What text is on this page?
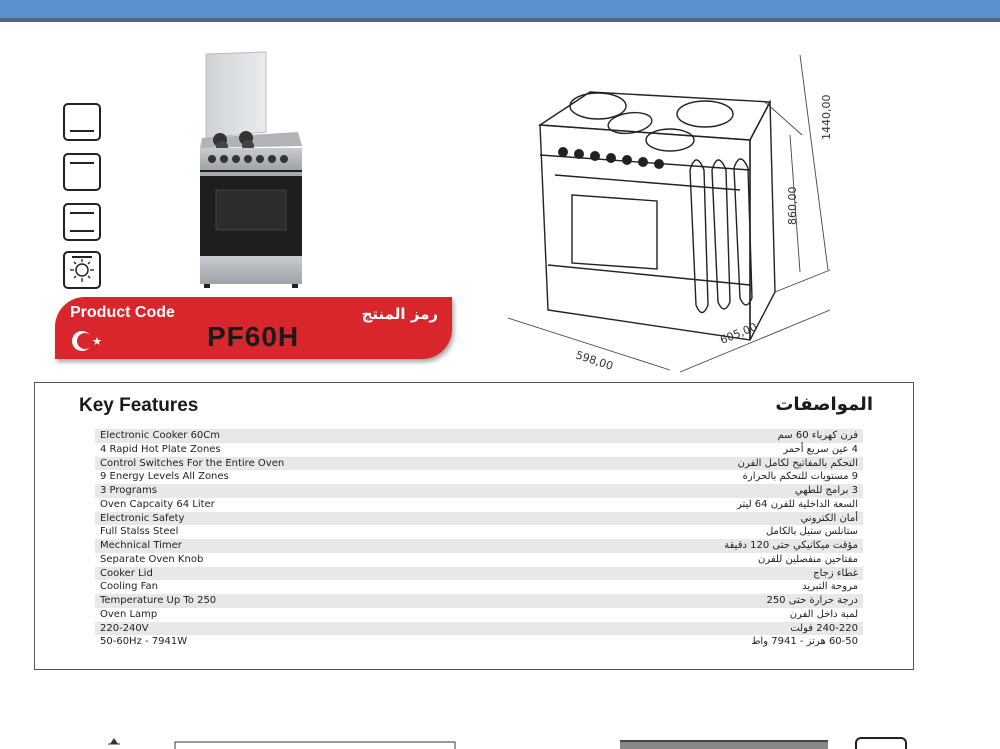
Product Code
PF60H
رمز المنتج
598,00
605,00
860,00
1440,00
Key Features	المواصفات
Electronic Cooker 60Cm	فرن كهرباء 60 سم
4 Rapid Hot Plate Zones	4 عين سريع أحمر
Control Switches For the Entire Oven	التحكم بالمفاتيح لكامل الفرن
9 Energy Levels All Zones	9 مستويات للتحكم بالحرارة
3 Programs	3 برامج للطهي
Oven Capcaity 64 Liter	السعة الداخلية للفرن 64 ليتر
Electronic Safety	أمان الكتروني
Full Stalss Steel	ستانلس ستيل بالكامل
Mechnical Timer	مؤقت ميكانيكي حتى 120 دقيقة
Separate Oven Knob	مفتاحين منفصلين للفرن
Cooker Lid	غطاء زجاج
Cooling Fan	مروحة التبريد
Temperature Up To 250	درجة حرارة حتى 250
Oven Lamp	لمبة داخل الفرن
220-240V	240-220 فولت
50-60Hz - 7941W	60-50 هرتز - 7941 واط
